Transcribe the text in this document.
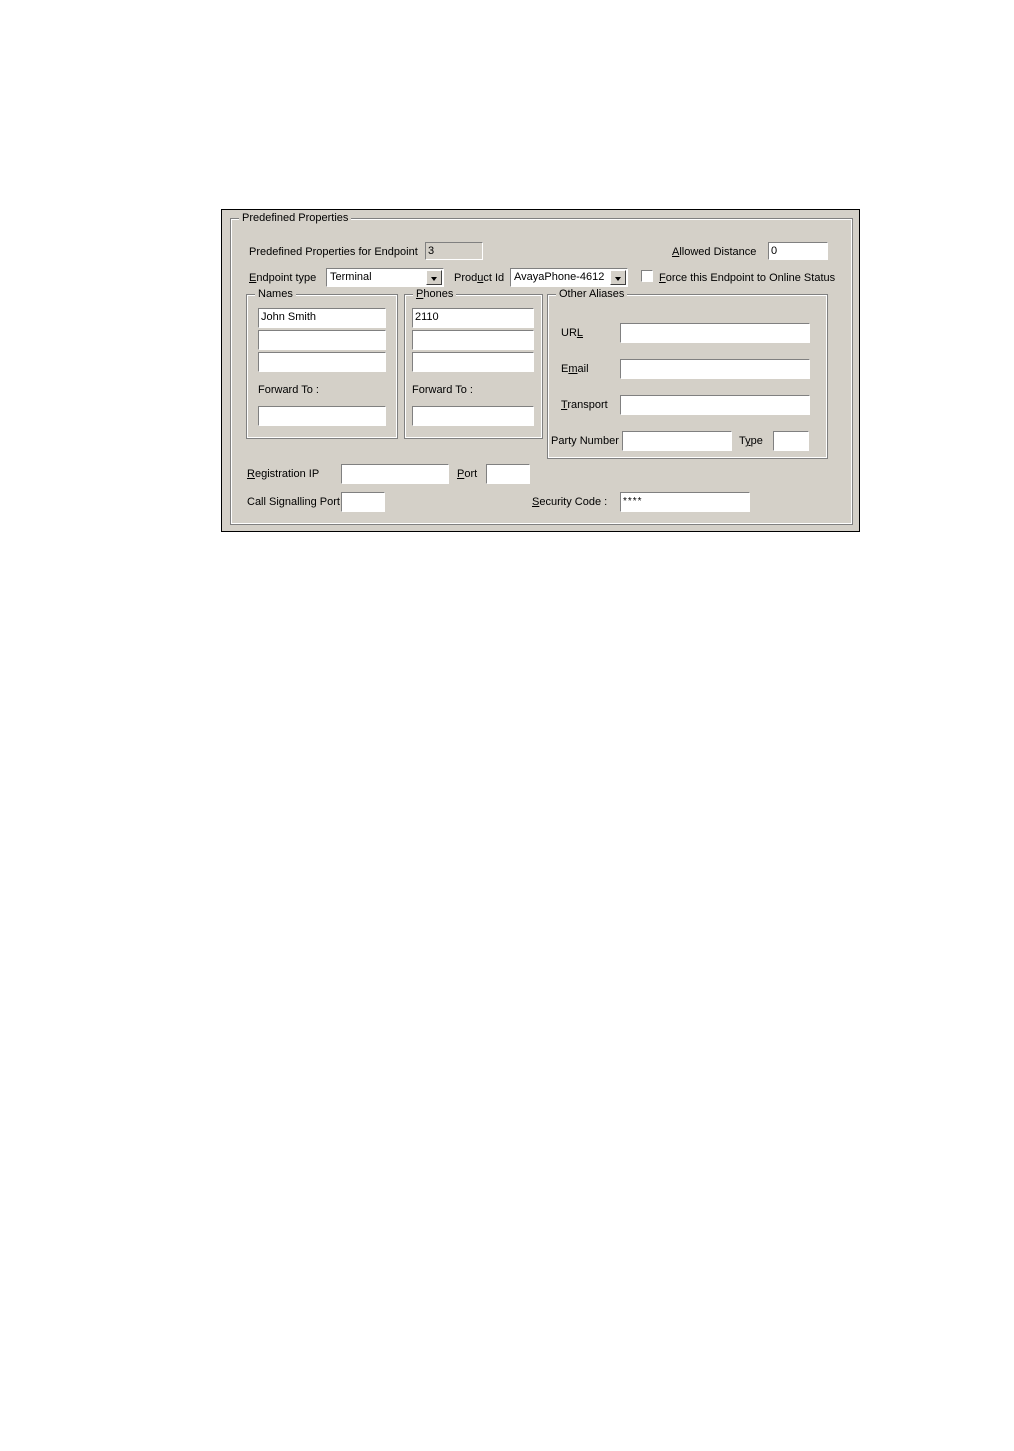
Predefined Properties
Predefined Properties for Endpoint 3	Allowed Distance 0
Endpoint type	Terminal	Product Id AvayaPhone-4612	Force this Endpoint to Online Status
Names
John Smith
Forward To :
Phones
2110
Forward To :
Other Aliases
URL
Email
Transport
Party Number	Type
Registration IP	Port
Call Signalling Port	Security Code :	****
